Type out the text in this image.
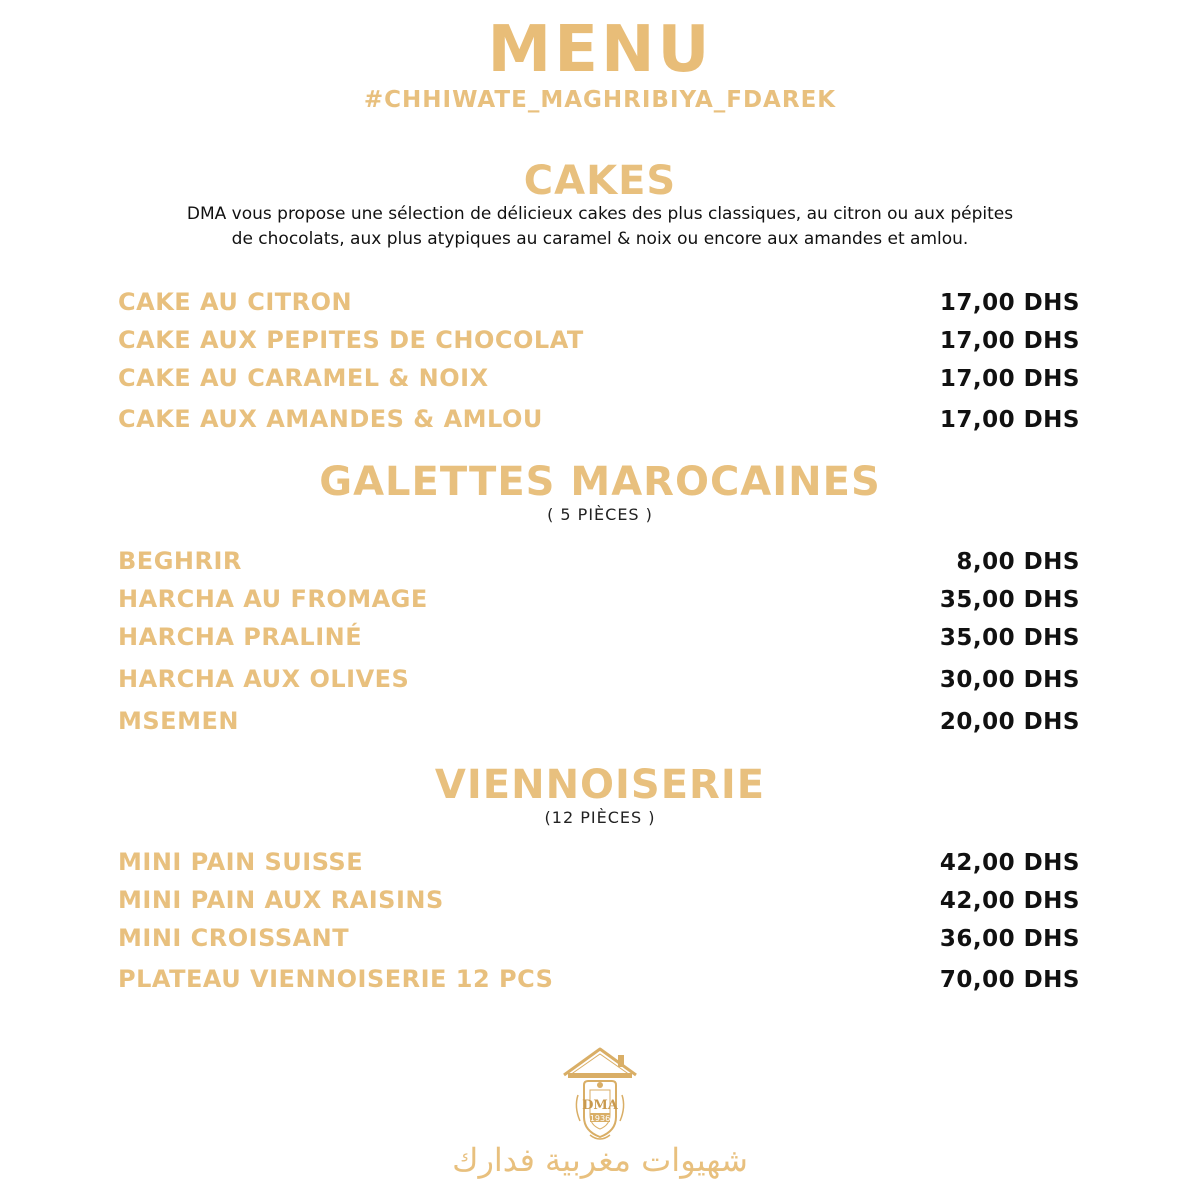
MENU
#CHHIWATE_MAGHRIBIYA_FDAREK
CAKES
DMA vous propose une sélection de délicieux cakes des plus classiques, au citron ou aux pépites
de chocolats, aux plus atypiques au caramel & noix ou encore aux amandes et amlou.
CAKE AU CITRON	17,00 DHS
CAKE AUX PEPITES DE CHOCOLAT	17,00 DHS
CAKE AU CARAMEL & NOIX	17,00 DHS
CAKE AUX AMANDES & AMLOU	17,00 DHS
GALETTES MAROCAINES
( 5 PIÈCES )
BEGHRIR	8,00 DHS
HARCHA AU FROMAGE	35,00 DHS
HARCHA PRALINÉ	35,00 DHS
HARCHA AUX OLIVES	30,00 DHS
MSEMEN	20,00 DHS
VIENNOISERIE
(12 PIÈCES )
MINI PAIN SUISSE	42,00 DHS
MINI PAIN AUX RAISINS	42,00 DHS
MINI CROISSANT	36,00 DHS
PLATEAU VIENNOISERIE 12 PCS	70,00 DHS
DMA
1936
شهيوات مغربية فدارك
